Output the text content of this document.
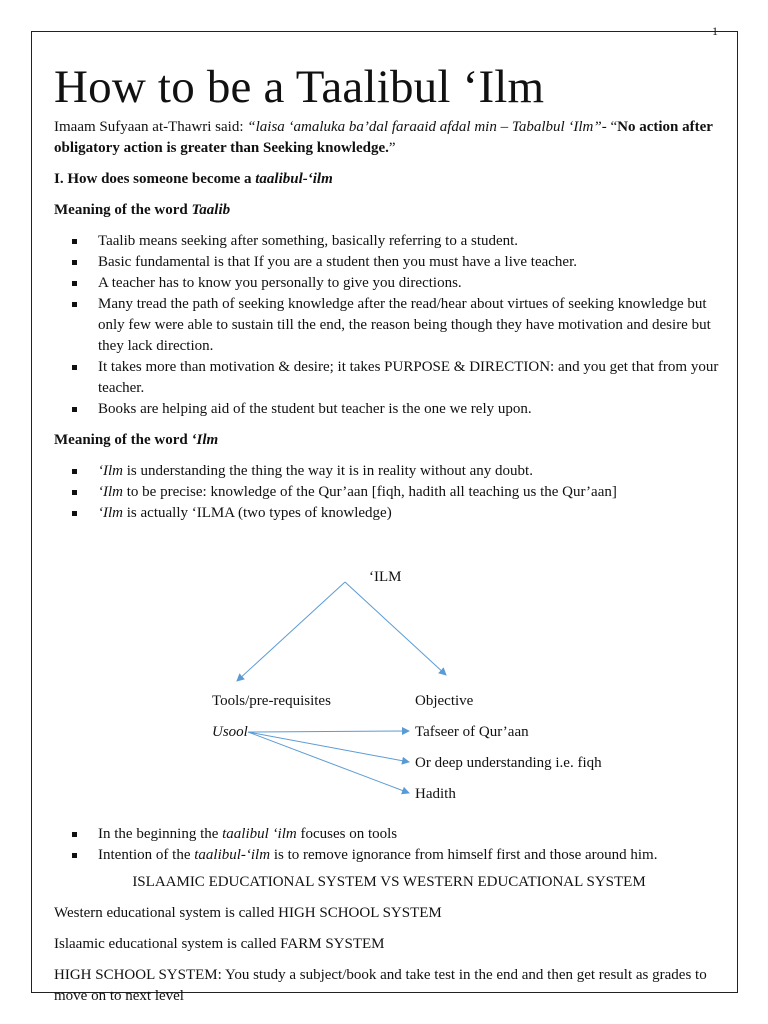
1
How to be a Taalibul ‘Ilm

Imaam Sufyaan at-Thawri said: “laisa ‘amaluka ba’dal faraaid afdal min – Tabalbul ‘Ilm”- “No action after obligatory action is greater than Seeking knowledge.”

I. How does someone become a taalibul-‘ilm

Meaning of the word Taalib

Taalib means seeking after something, basically referring to a student.
Basic fundamental is that If you are a student then you must have a live teacher.
A teacher has to know you personally to give you directions.
Many tread the path of seeking knowledge after the read/hear about virtues of seeking knowledge but only few were able to sustain till the end, the reason being though they have motivation and desire but they lack direction.
It takes more than motivation & desire; it takes PURPOSE & DIRECTION: and you get that from your teacher.
Books are helping aid of the student but teacher is the one we rely upon.

Meaning of the word ‘Ilm

‘Ilm is understanding the thing the way it is in reality without any doubt.
‘Ilm to be precise: knowledge of the Qur’aan [fiqh, hadith all teaching us the Qur’aan]
‘Ilm is actually ‘ILMA (two types of knowledge)
‘ILM
Tools/pre-requisites	Objective
Usool	Tafseer of Qur’aan
Or deep understanding i.e. fiqh
Hadith
In the beginning the taalibul ‘ilm focuses on tools
Intention of the taalibul-‘ilm is to remove ignorance from himself first and those around him.

ISLAAMIC EDUCATIONAL SYSTEM VS WESTERN EDUCATIONAL SYSTEM

Western educational system is called HIGH SCHOOL SYSTEM

Islaamic educational system is called FARM SYSTEM

HIGH SCHOOL SYSTEM: You study a subject/book and take test in the end and then get result as grades to move on to next level
